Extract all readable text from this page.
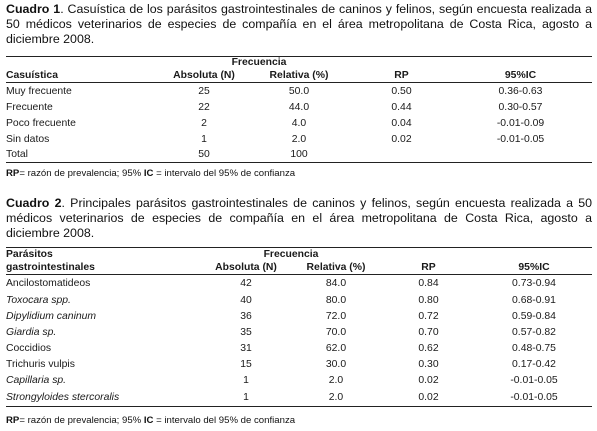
Cuadro 1. Casuística de los parásitos gastrointestinales de caninos y felinos, según encuesta realizada a 50 médicos veterinarios de especies de compañía en el área metropolitana de Costa Rica, agosto a diciembre 2008.
	Frecuencia			
Casuística	Absoluta (N)	Relativa (%)	RP	95%IC
Muy frecuente	25	50.0	0.50	0.36-0.63
Frecuente	22	44.0	0.44	0.30-0.57
Poco frecuente	2	4.0	0.04	-0.01-0.09
Sin datos	1	2.0	0.02	-0.01-0.05
Total	50	100		
RP= razón de prevalencia; 95% IC = intervalo del 95% de confianza
Cuadro 2. Principales parásitos gastrointestinales de caninos y felinos, según encuesta realizada a 50 médicos veterinarios de especies de compañía en el área metropolitana de Costa Rica, agosto a diciembre 2008.
Parásitos	Frecuencia			
gastrointestinales	Absoluta (N)	Relativa (%)	RP	95%IC
Ancilostomatideos	42	84.0	0.84	0.73-0.94
Toxocara spp.	40	80.0	0.80	0.68-0.91
Dipylidium caninum	36	72.0	0.72	0.59-0.84
Giardia sp.	35	70.0	0.70	0.57-0.82
Coccidios	31	62.0	0.62	0.48-0.75
Trichuris vulpis	15	30.0	0.30	0.17-0.42
Capillaria sp.	1	2.0	0.02	-0.01-0.05
Strongyloides stercoralis	1	2.0	0.02	-0.01-0.05
RP= razón de prevalencia; 95% IC = intervalo del 95% de confianza
